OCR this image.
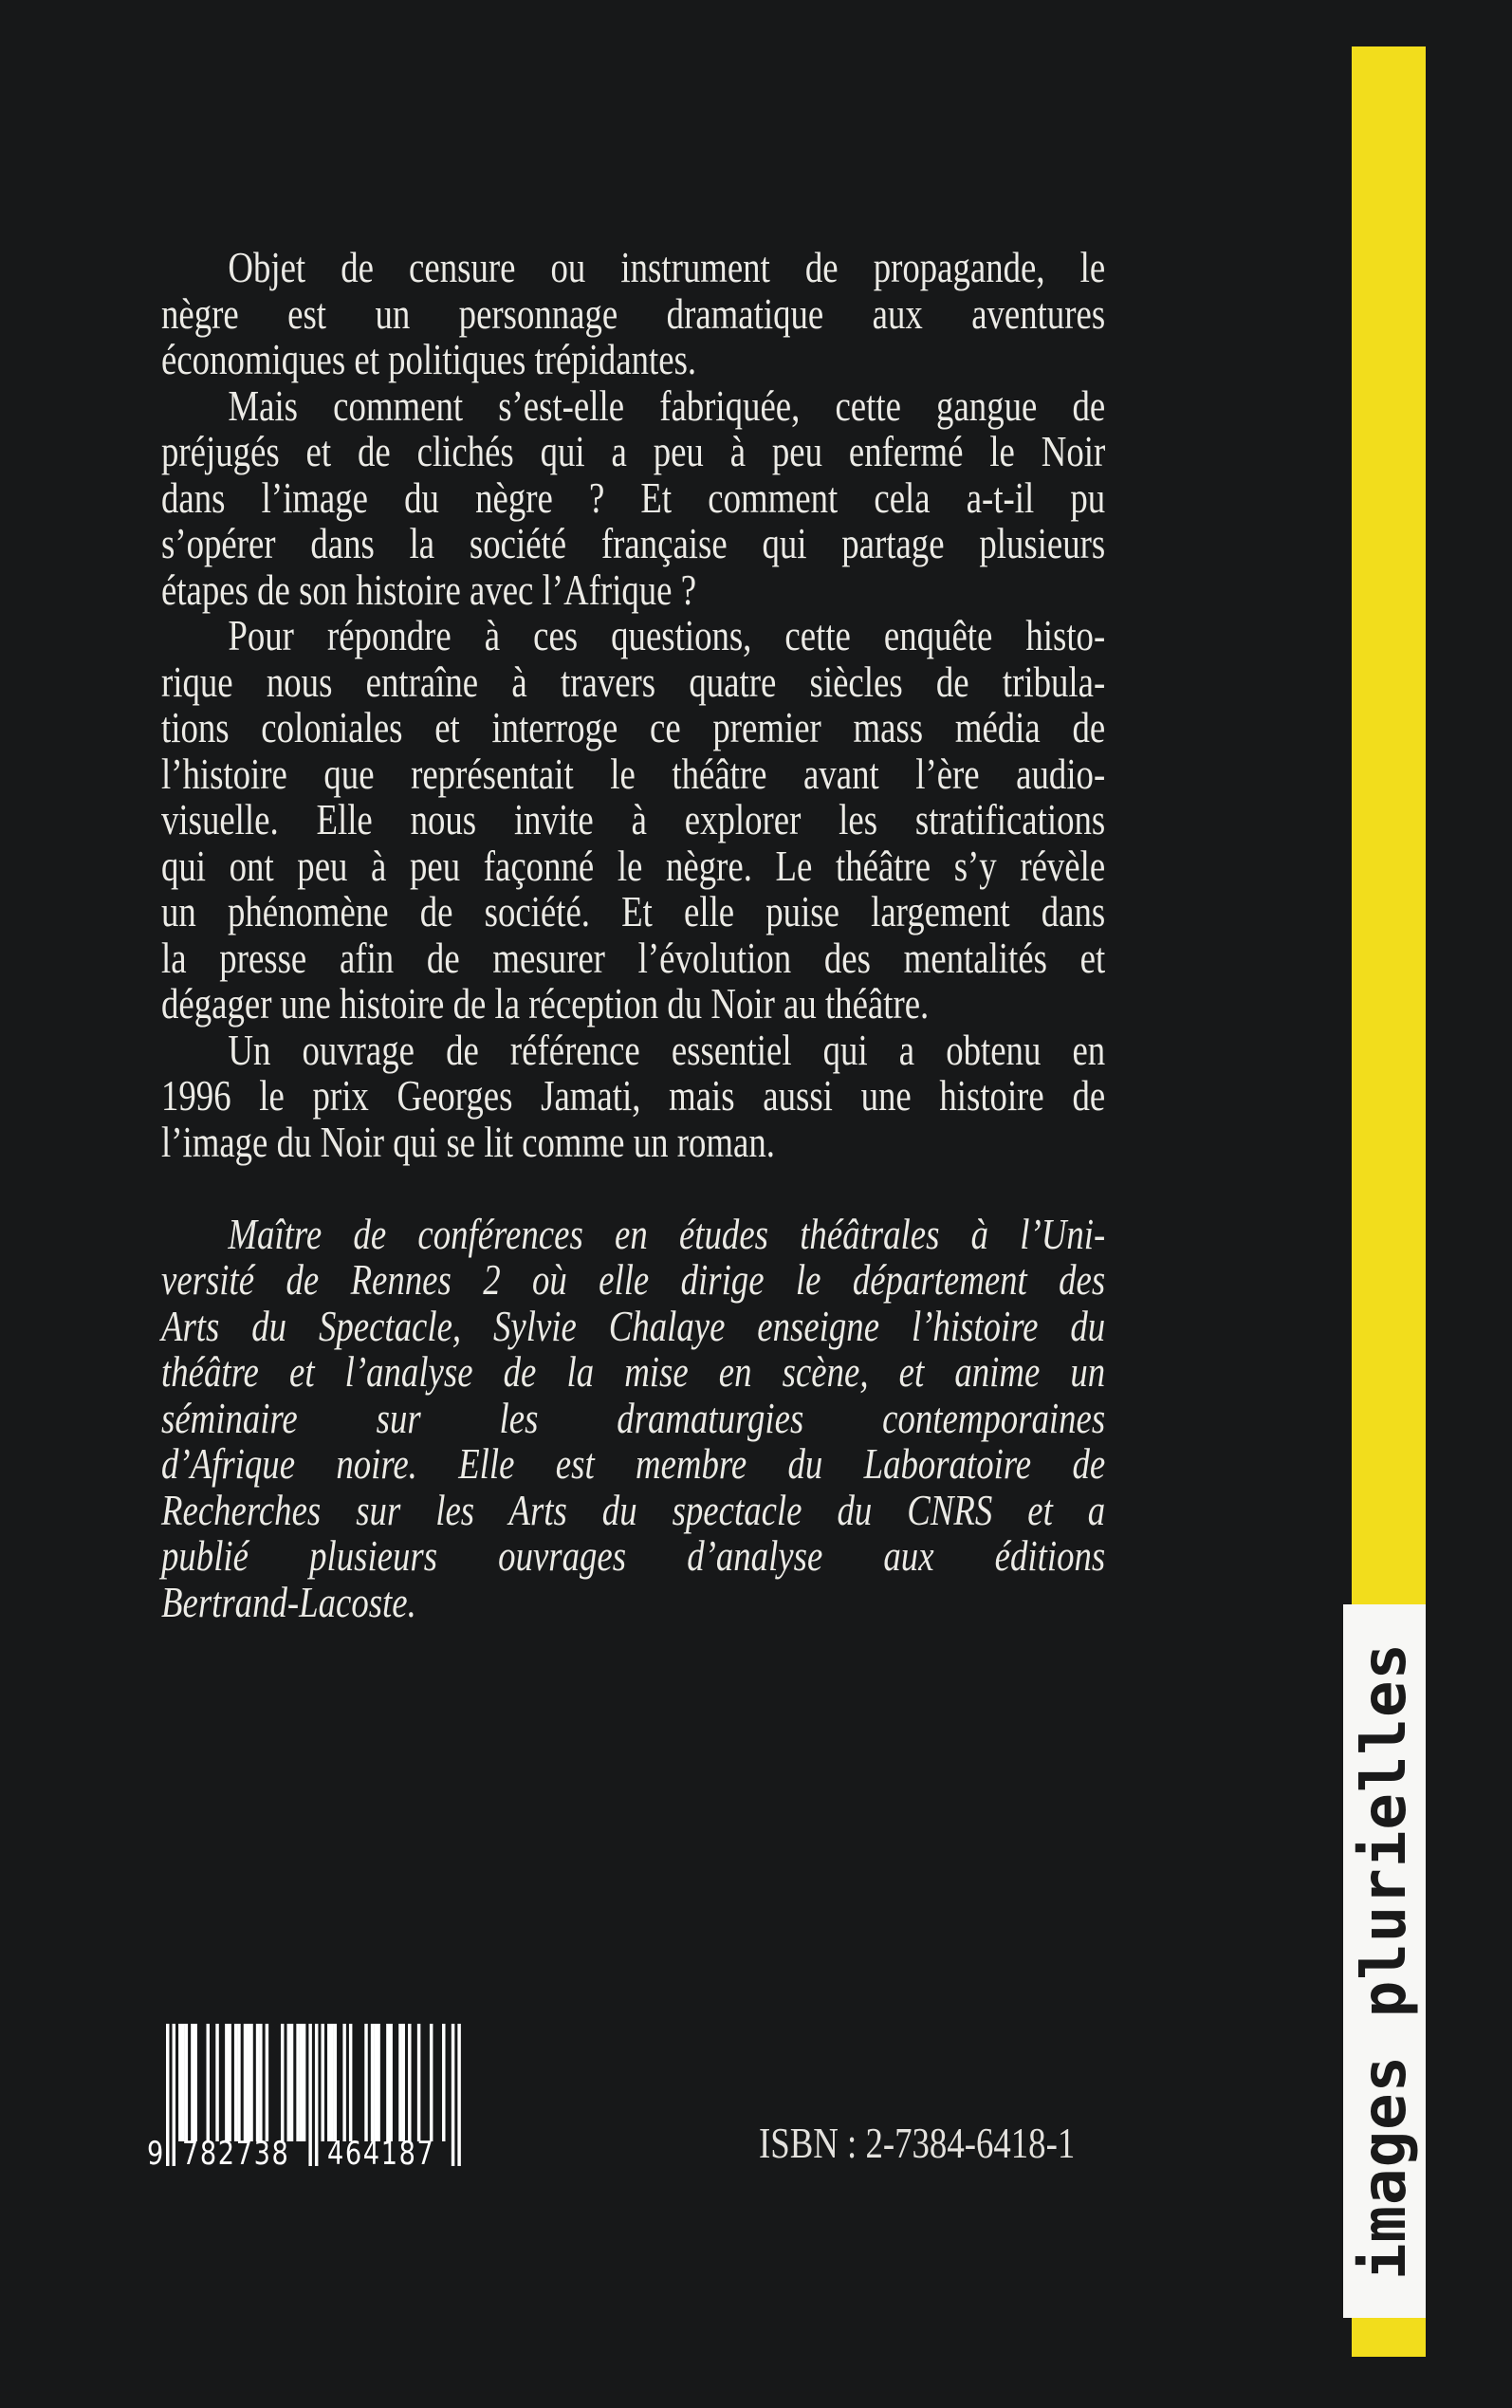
Objet de censure ou instrument de propagande, le
nègre est un personnage dramatique aux aventures
économiques et politiques trépidantes.
Mais comment s’est-elle fabriquée, cette gangue de
préjugés et de clichés qui a peu à peu enfermé le Noir
dans l’image du nègre ? Et comment cela a-t-il pu
s’opérer dans la société française qui partage plusieurs
étapes de son histoire avec l’Afrique ?
Pour répondre à ces questions, cette enquête histo-
rique nous entraîne à travers quatre siècles de tribula-
tions coloniales et interroge ce premier mass média de
l’histoire que représentait le théâtre avant l’ère audio-
visuelle. Elle nous invite à explorer les stratifications
qui ont peu à peu façonné le nègre. Le théâtre s’y révèle
un phénomène de société. Et elle puise largement dans
la presse afin de mesurer l’évolution des mentalités et
dégager une histoire de la réception du Noir au théâtre.
Un ouvrage de référence essentiel qui a obtenu en
1996 le prix Georges Jamati, mais aussi une histoire de
l’image du Noir qui se lit comme un roman.
Maître de conférences en études théâtrales à l’Uni-
versité de Rennes 2 où elle dirige le département des
Arts du Spectacle, Sylvie Chalaye enseigne l’histoire du
théâtre et l’analyse de la mise en scène, et anime un
séminaire sur les dramaturgies contemporaines
d’Afrique noire. Elle est membre du Laboratoire de
Recherches sur les Arts du spectacle du CNRS et a
publié plusieurs ouvrages d’analyse aux éditions
Bertrand-Lacoste.
images plurielles
9 782738 464187	ISBN : 2-7384-6418-1
